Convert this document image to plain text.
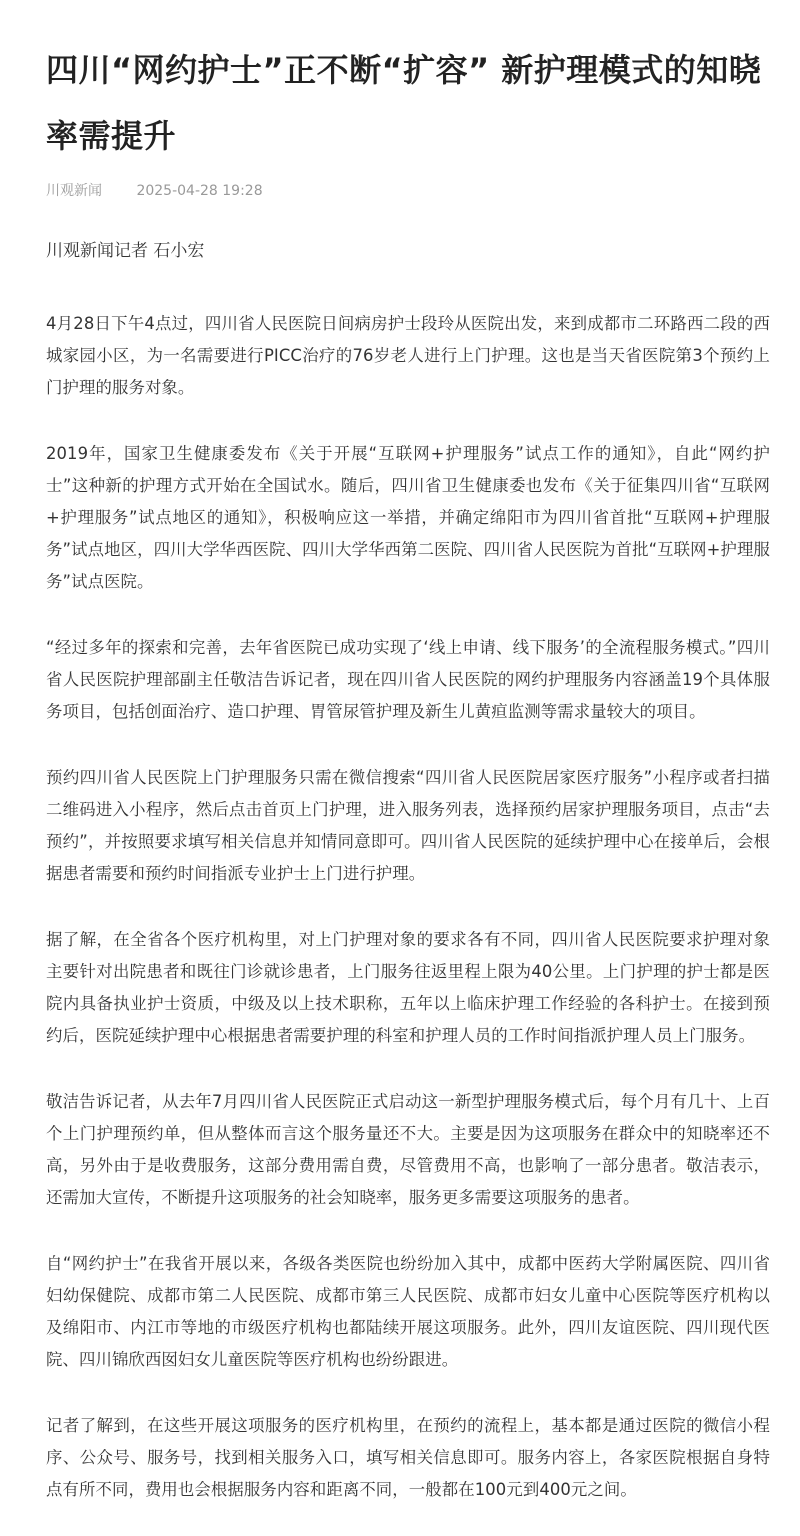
四川“网约护士”正不断“扩容” 新护理模式的知晓率需提升
川观新闻 2025-04-28 19:28
川观新闻记者 石小宏

4月28日下午4点过，四川省人民医院日间病房护士段玲从医院出发，来到成都市二环路西二段的西城家园小区，为一名需要进行PICC治疗的76岁老人进行上门护理。这也是当天省医院第3个预约上门护理的服务对象。

2019年，国家卫生健康委发布《关于开展“互联网+护理服务”试点工作的通知》，自此“网约护士”这种新的护理方式开始在全国试水。随后，四川省卫生健康委也发布《关于征集四川省“互联网+护理服务”试点地区的通知》，积极响应这一举措，并确定绵阳市为四川省首批“互联网+护理服务”试点地区，四川大学华西医院、四川大学华西第二医院、四川省人民医院为首批“互联网+护理服务”试点医院。

“经过多年的探索和完善，去年省医院已成功实现了‘线上申请、线下服务’的全流程服务模式。”四川省人民医院护理部副主任敬洁告诉记者，现在四川省人民医院的网约护理服务内容涵盖19个具体服务项目，包括创面治疗、造口护理、胃管尿管护理及新生儿黄疸监测等需求量较大的项目。

预约四川省人民医院上门护理服务只需在微信搜索“四川省人民医院居家医疗服务”小程序或者扫描二维码进入小程序，然后点击首页上门护理，进入服务列表，选择预约居家护理服务项目，点击“去预约”，并按照要求填写相关信息并知情同意即可。四川省人民医院的延续护理中心在接单后，会根据患者需要和预约时间指派专业护士上门进行护理。

据了解，在全省各个医疗机构里，对上门护理对象的要求各有不同，四川省人民医院要求护理对象主要针对出院患者和既往门诊就诊患者，上门服务往返里程上限为40公里。上门护理的护士都是医院内具备执业护士资质，中级及以上技术职称，五年以上临床护理工作经验的各科护士。在接到预约后，医院延续护理中心根据患者需要护理的科室和护理人员的工作时间指派护理人员上门服务。

敬洁告诉记者，从去年7月四川省人民医院正式启动这一新型护理服务模式后，每个月有几十、上百个上门护理预约单，但从整体而言这个服务量还不大。主要是因为这项服务在群众中的知晓率还不高，另外由于是收费服务，这部分费用需自费，尽管费用不高，也影响了一部分患者。敬洁表示，还需加大宣传，不断提升这项服务的社会知晓率，服务更多需要这项服务的患者。

自“网约护士”在我省开展以来，各级各类医院也纷纷加入其中，成都中医药大学附属医院、四川省妇幼保健院、成都市第二人民医院、成都市第三人民医院、成都市妇女儿童中心医院等医疗机构以及绵阳市、内江市等地的市级医疗机构也都陆续开展这项服务。此外，四川友谊医院、四川现代医院、四川锦欣西囡妇女儿童医院等医疗机构也纷纷跟进。

记者了解到，在这些开展这项服务的医疗机构里，在预约的流程上，基本都是通过医院的微信小程序、公众号、服务号，找到相关服务入口，填写相关信息即可。服务内容上，各家医院根据自身特点有所不同，费用也会根据服务内容和距离不同，一般都在100元到400元之间。
